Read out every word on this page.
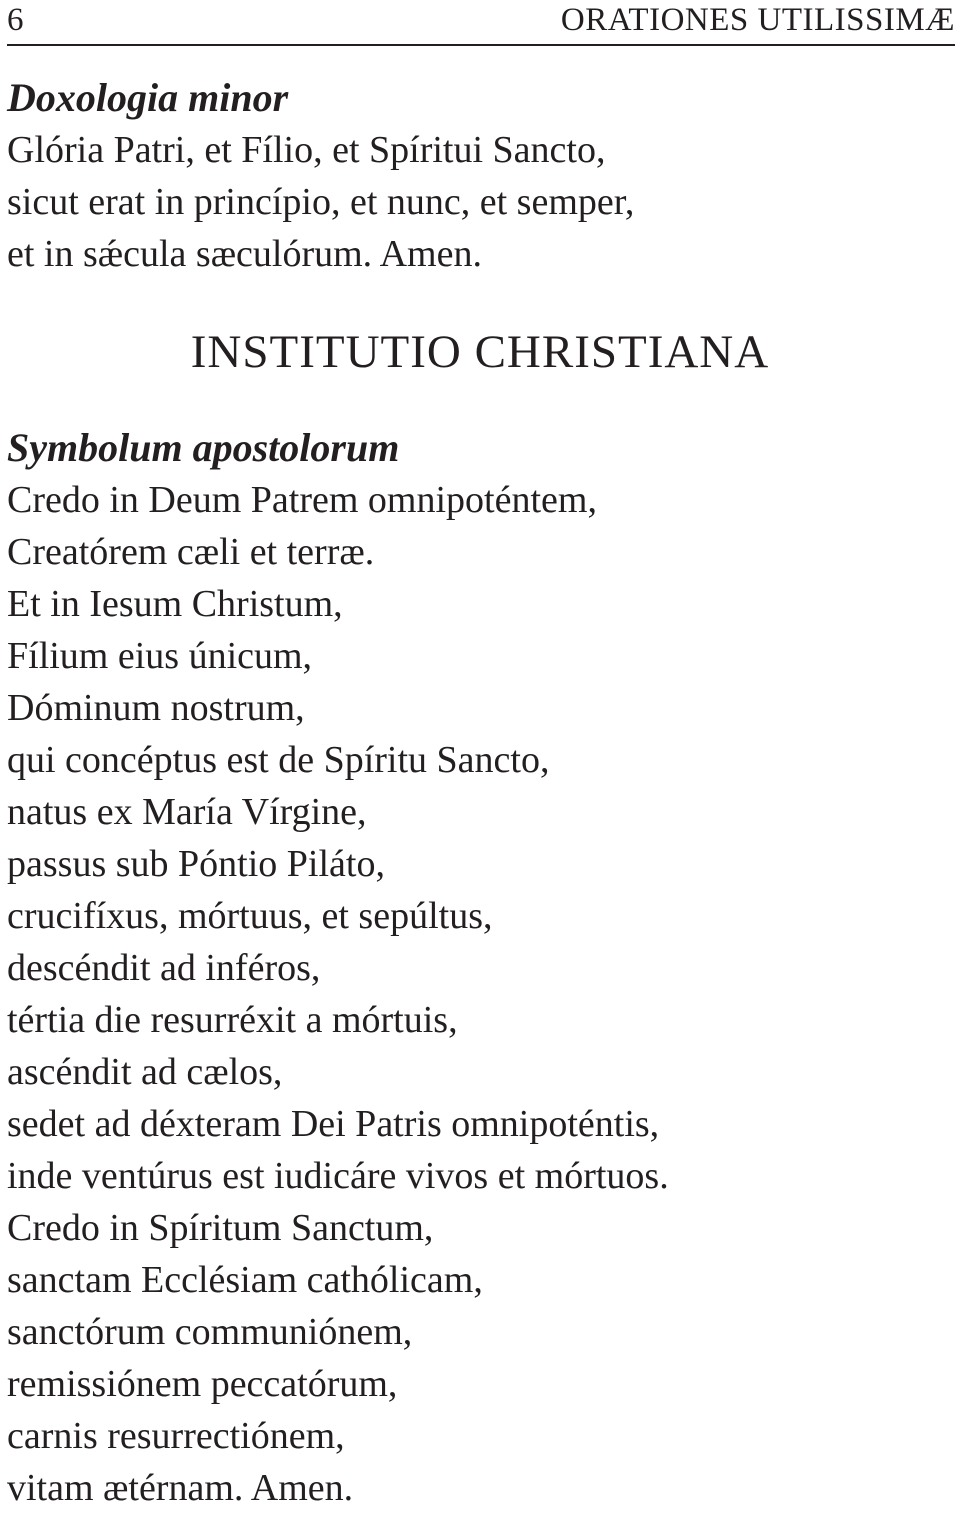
6	ORATIONES UTILISSIMÆ

Doxologia minor

Glória Patri, et Fílio, et Spíritui Sancto,

sicut erat in princípio, et nunc, et semper,

et in sǽcula sæculórum. Amen.

INSTITUTIO CHRISTIANA

Symbolum apostolorum

Credo in Deum Patrem omnipoténtem,

Creatórem cæli et terræ.

Et in Iesum Christum,

Fílium eius únicum,

Dóminum nostrum,

qui concéptus est de Spíritu Sancto,

natus ex María Vírgine,

passus sub Póntio Piláto,

crucifíxus, mórtuus, et sepúltus,

descéndit ad inféros,

tértia die resurréxit a mórtuis,

ascéndit ad cælos,

sedet ad déxteram Dei Patris omnipoténtis,

inde ventúrus est iudicáre vivos et mórtuos.

Credo in Spíritum Sanctum,

sanctam Ecclésiam cathólicam,

sanctórum communiónem,

remissiónem peccatórum,

carnis resurrectiónem,

vitam ætérnam. Amen.
